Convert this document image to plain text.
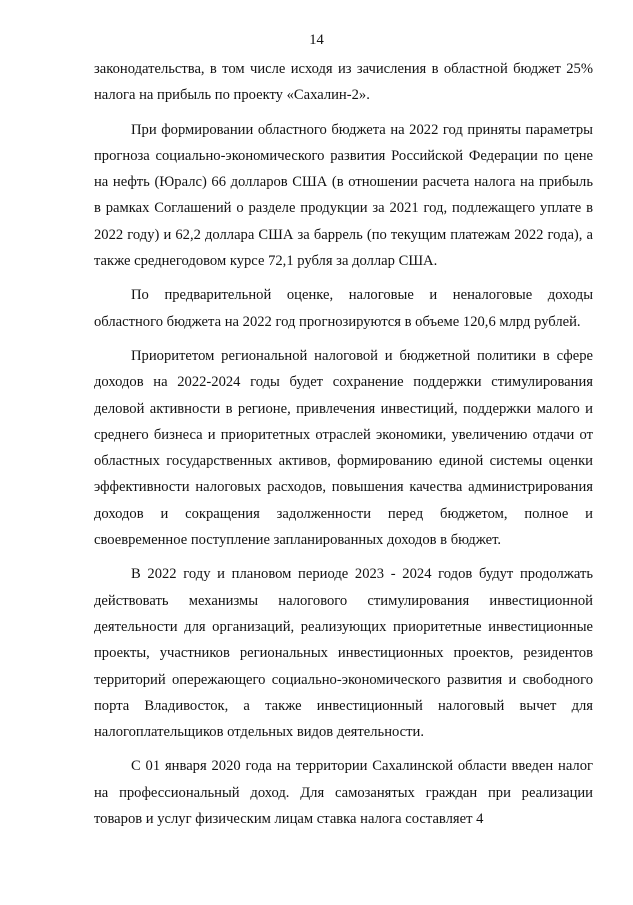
14

законодательства, в том числе исходя из зачисления в областной бюджет 25% налога на прибыль по проекту «Сахалин-2».

При формировании областного бюджета на 2022 год приняты параметры прогноза социально-экономического развития Российской Федерации по цене на нефть (Юралс) 66 долларов США (в отношении расчета налога на прибыль в рамках Соглашений о разделе продукции за 2021 год, подлежащего уплате в 2022 году) и 62,2 доллара США за баррель (по текущим платежам 2022 года), а также среднегодовом курсе 72,1 рубля за доллар США.

По предварительной оценке, налоговые и неналоговые доходы областного бюджета на 2022 год прогнозируются в объеме 120,6 млрд рублей.

Приоритетом региональной налоговой и бюджетной политики в сфере доходов на 2022-2024 годы будет сохранение поддержки стимулирования деловой активности в регионе, привлечения инвестиций, поддержки малого и среднего бизнеса и приоритетных отраслей экономики, увеличению отдачи от областных государственных активов, формированию единой системы оценки эффективности налоговых расходов, повышения качества администрирования доходов и сокращения задолженности перед бюджетом, полное и своевременное поступление запланированных доходов в бюджет.

В 2022 году и плановом периоде 2023 - 2024 годов будут продолжать действовать механизмы налогового стимулирования инвестиционной деятельности для организаций, реализующих приоритетные инвестиционные проекты, участников региональных инвестиционных проектов, резидентов территорий опережающего социально-экономического развития и свободного порта Владивосток, а также инвестиционный налоговый вычет для налогоплательщиков отдельных видов деятельности.

С 01 января 2020 года на территории Сахалинской области введен налог на профессиональный доход. Для самозанятых граждан при реализации товаров и услуг физическим лицам ставка налога составляет 4
